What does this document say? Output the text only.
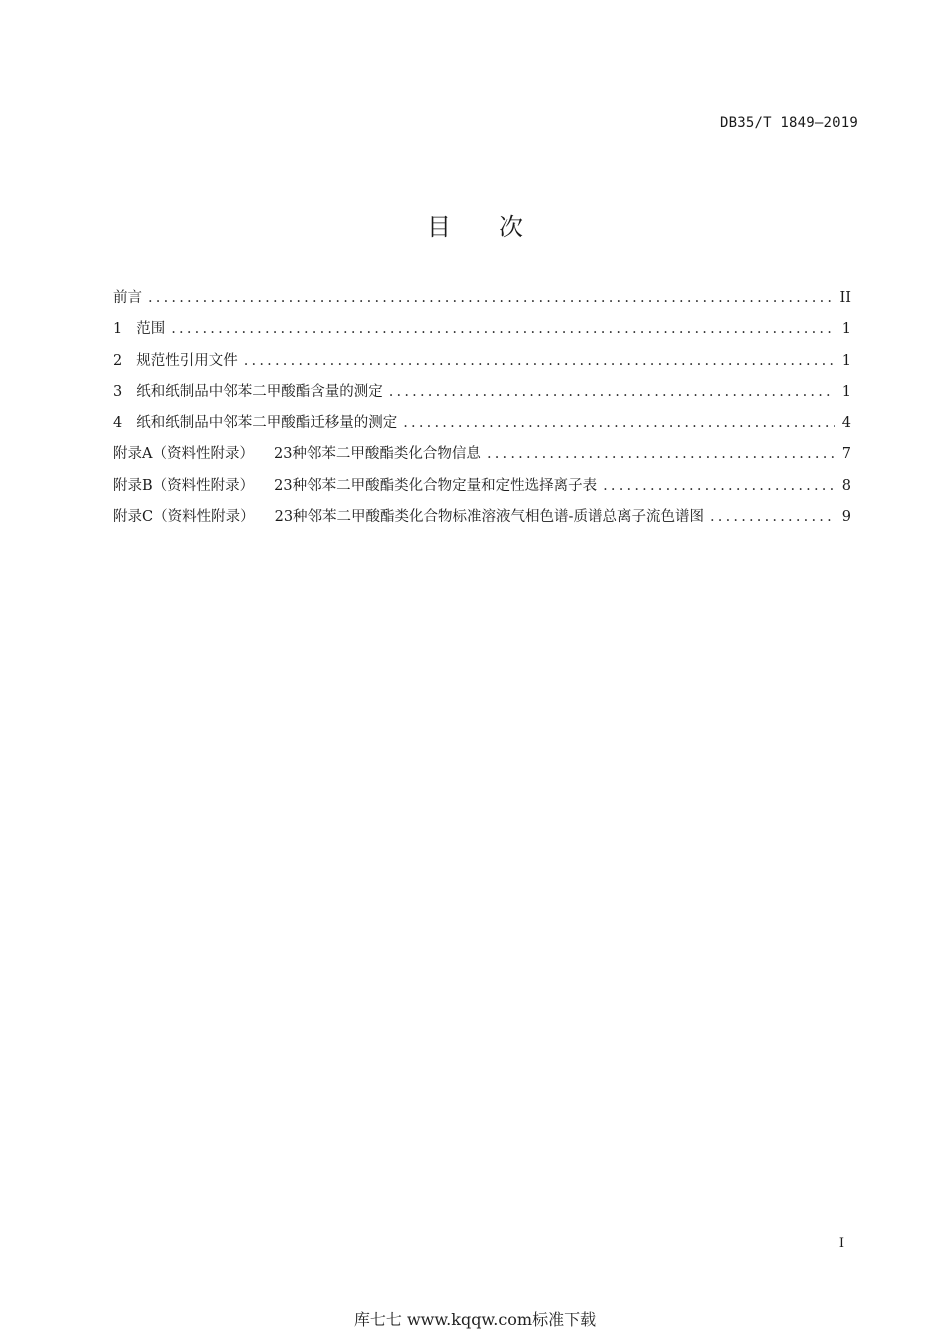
DB35/T 1849—2019
目次
前言 .....	II
1 范围 .....	1
2 规范性引用文件 .....	1
3 纸和纸制品中邻苯二甲酸酯含量的测定 .....	1
4 纸和纸制品中邻苯二甲酸酯迁移量的测定 .....	4
附录A（资料性附录） 23种邻苯二甲酸酯类化合物信息 .....	7
附录B（资料性附录） 23种邻苯二甲酸酯类化合物定量和定性选择离子表 .....	8
附录C（资料性附录） 23种邻苯二甲酸酯类化合物标准溶液气相色谱-质谱总离子流色谱图 .....	9
I
库七七 www.kqqw.com标准下载
